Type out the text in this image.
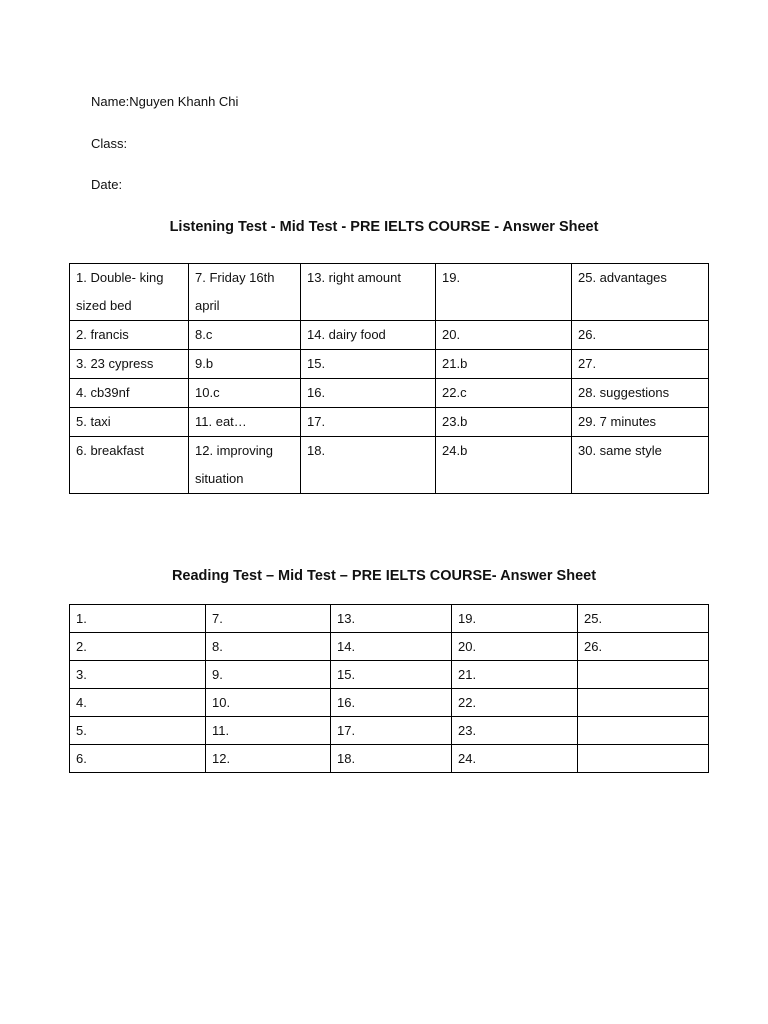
Name:Nguyen Khanh Chi
Class:
Date:
Listening Test - Mid Test - PRE IELTS COURSE - Answer Sheet
1. Double- king sized bed	7. Friday 16th april	13. right amount	19.	25. advantages
2. francis	8.c	14. dairy food	20.	26.
3. 23 cypress	9.b	15.	21.b	27.
4. cb39nf	10.c	16.	22.c	28. suggestions
5. taxi	11. eat…	17.	23.b	29. 7 minutes
6. breakfast	12. improving situation	18.	24.b	30. same style
Reading Test – Mid Test – PRE IELTS COURSE- Answer Sheet
1.	7.	13.	19.	25.
2.	8.	14.	20.	26.
3.	9.	15.	21.	
4.	10.	16.	22.	
5.	11.	17.	23.	
6.	12.	18.	24.	
